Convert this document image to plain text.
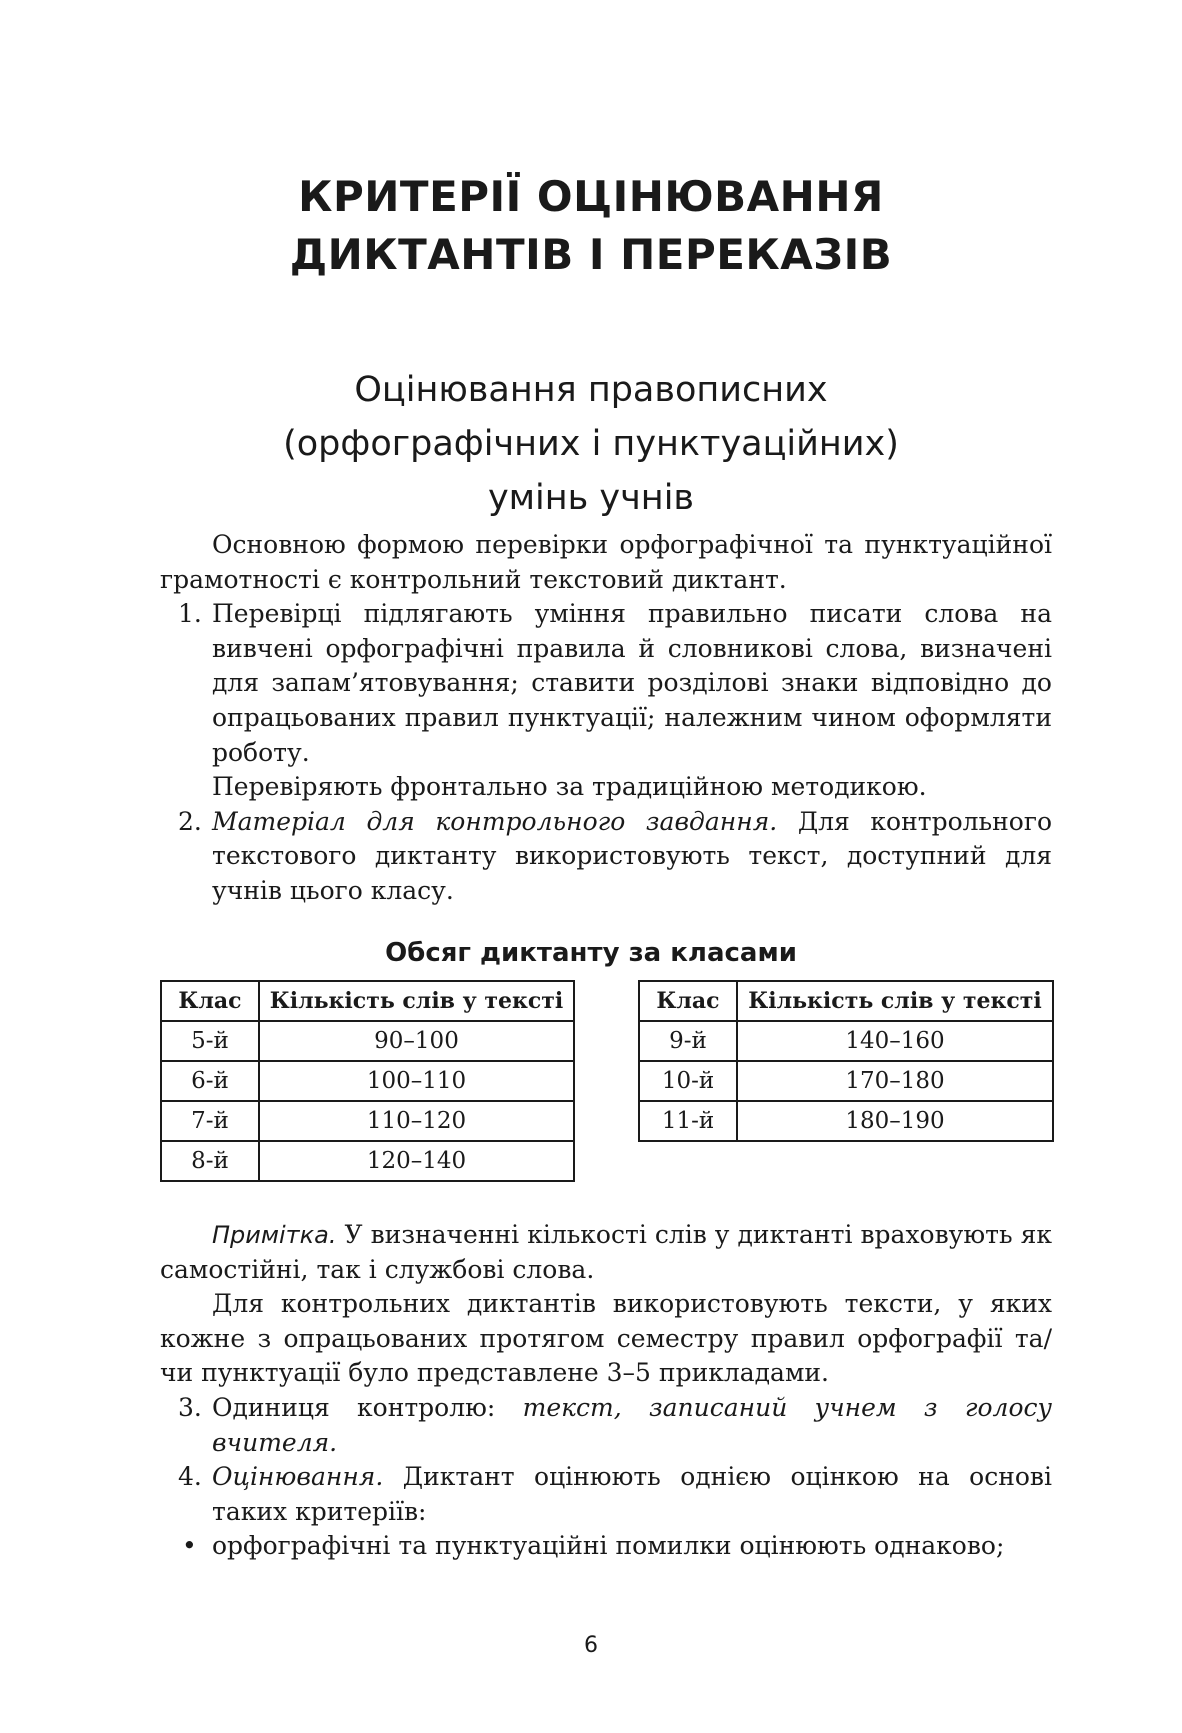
КРИТЕРІЇ ОЦІНЮВАННЯ
ДИКТАНТІВ І ПЕРЕКАЗІВ
Оцінювання правописних
(орфографічних і пунктуаційних)
умінь учнів

Основною формою перевірки орфографічної та пунктуаційної грамотності є контрольний текстовий диктант.

1. Перевірці підлягають уміння правильно писати слова на вивчені орфографічні правила й словникові слова, визначені для запам’ятовування; ставити розділові знаки відповідно до опрацьованих правил пунктуації; належним чином оформляти роботу.

Перевіряють фронтально за традиційною методикою.

2. Матеріал для контрольного завдання. Для контрольного текстового диктанту використовують текст, доступний для учнів цього класу.
Обсяг диктанту за класами
Клас	Кількість слів у тексті
5-й	90–100
6-й	100–110
7-й	110–120
8-й	120–140
Клас	Кількість слів у тексті
9-й	140–160
10-й	170–180
11-й	180–190

Примітка. У визначенні кількості слів у диктанті враховують як самостійні, так і службові слова.

Для контрольних диктантів використовують тексти, у яких кожне з опрацьованих протягом семестру правил орфографії та/чи пунктуації було представлене 3–5 прикладами.

3. Одиниця контролю: текст, записаний учнем з голосу вчителя.
4. Оцінювання. Диктант оцінюють однією оцінкою на основі таких критеріїв:
• орфографічні та пунктуаційні помилки оцінюють однаково;
6
